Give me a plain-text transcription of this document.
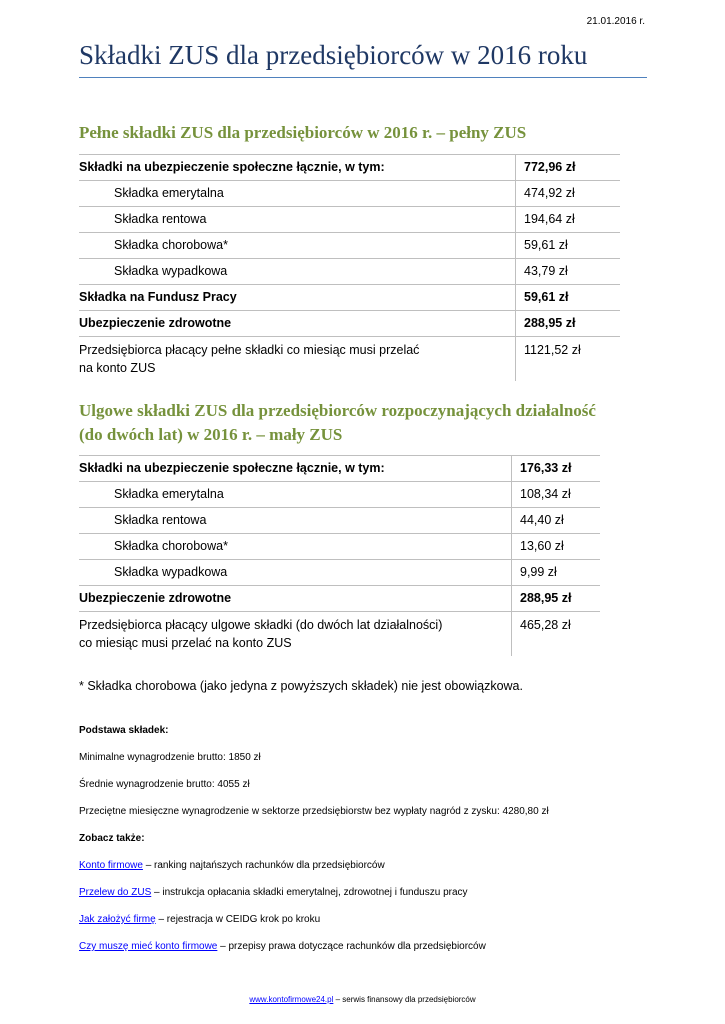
21.01.2016 r.
Składki ZUS dla przedsiębiorców w 2016 roku
Pełne składki ZUS dla przedsiębiorców w 2016 r. – pełny ZUS
Składki na ubezpieczenie społeczne łącznie, w tym:	772,96 zł
Składka emerytalna	474,92 zł
Składka rentowa	194,64 zł
Składka chorobowa*	59,61 zł
Składka wypadkowa	43,79 zł
Składka na Fundusz Pracy	59,61 zł
Ubezpieczenie zdrowotne	288,95 zł

Przedsiębiorca płacący pełne składki co miesiąc musi przelać
na konto ZUS	1121,52 zł
Ulgowe składki ZUS dla przedsiębiorców rozpoczynających działalność
(do dwóch lat) w 2016 r. – mały ZUS
Składki na ubezpieczenie społeczne łącznie, w tym:	176,33 zł
Składka emerytalna	108,34 zł
Składka rentowa	44,40 zł
Składka chorobowa*	13,60 zł
Składka wypadkowa	9,99 zł
Ubezpieczenie zdrowotne	288,95 zł

Przedsiębiorca płacący ulgowe składki (do dwóch lat działalności)
co miesiąc musi przelać na konto ZUS	465,28 zł
* Składka chorobowa (jako jedyna z powyższych składek) nie jest obowiązkowa.
Podstawa składek:
Minimalne wynagrodzenie brutto: 1850 zł
Średnie wynagrodzenie brutto: 4055 zł
Przeciętne miesięczne wynagrodzenie w sektorze przedsiębiorstw bez wypłaty nagród z zysku: 4280,80 zł
Zobacz także:
Konto firmowe – ranking najtańszych rachunków dla przedsiębiorców
Przelew do ZUS – instrukcja opłacania składki emerytalnej, zdrowotnej i funduszu pracy
Jak założyć firmę – rejestracja w CEIDG krok po kroku
Czy muszę mieć konto firmowe – przepisy prawa dotyczące rachunków dla przedsiębiorców
www.kontofirmowe24.pl – serwis finansowy dla przedsiębiorców
